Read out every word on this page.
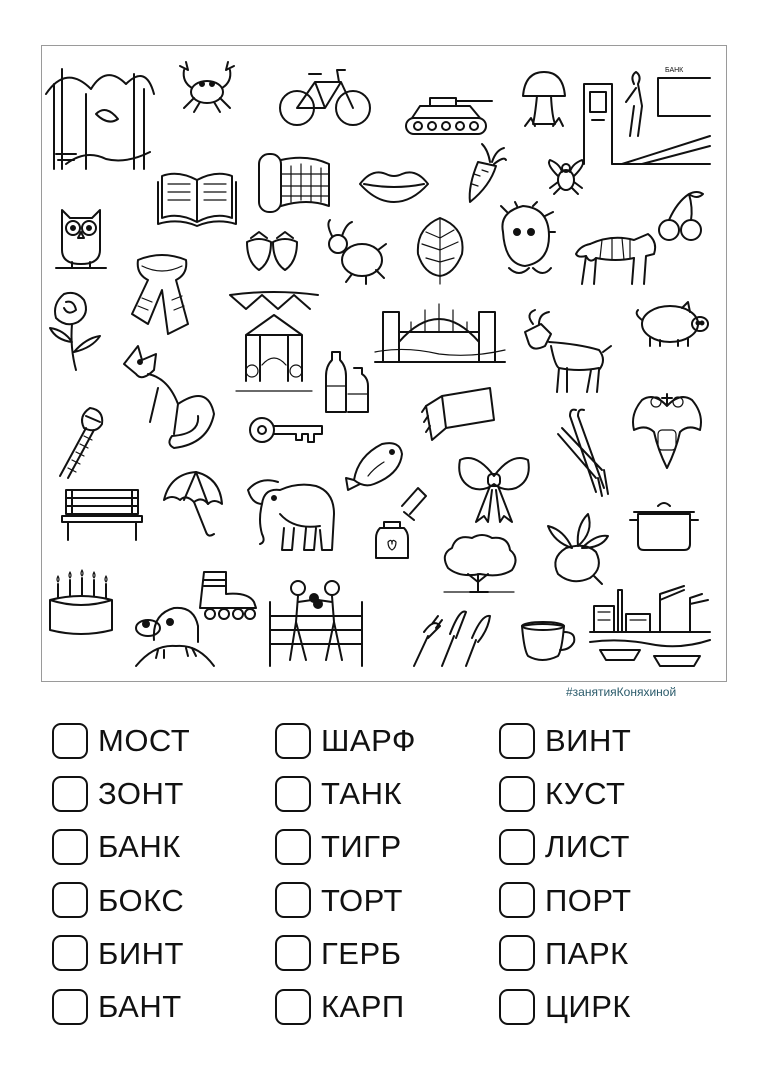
БАНК
#занятияКоняхиной
МОСТ
ЗОНТ
БАНК
БОКС
БИНТ
БАНТ
ШАРФ
ТАНК
ТИГР
ТОРТ
ГЕРБ
КАРП
ВИНТ
КУСТ
ЛИСТ
ПОРТ
ПАРК
ЦИРК
